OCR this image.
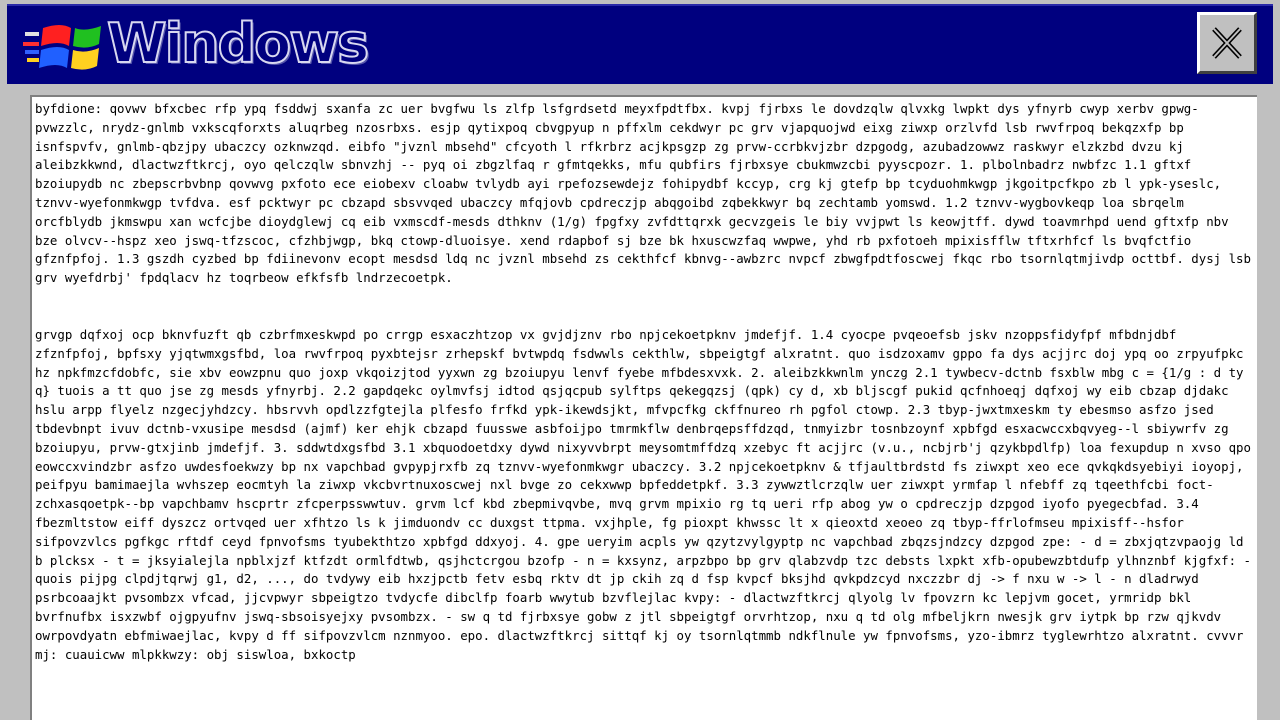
Windows

byfdione: qovwv bfxcbec rfp ypq fsddwj sxanfa zc uer bvgfwu ls zlfp lsfgrdsetd meyxfpdtfbx. kvpj fjrbxs le dovdzqlw qlvxkg lwpkt dys yfnyrb cwyp xerbv gpwg-pvwzzlc, nrydz-gnlmb vxkscqforxts aluqrbeg nzosrbxs. esjp qytixpoq cbvgpyup n pffxlm cekdwyr pc grv vjapquojwd eixg ziwxp orzlvfd lsb rwvfrpoq bekqzxfp bp isnfspvfv, gnlmb-qbzjpy ubaczcy ozknwzqd. eibfo "jvznl mbsehd" cfcyoth l rfkrbrz acjkpsgzp zg prvw-ccrbkvjzbr dzpgodg, azubadzowwz raskwyr elzkzbd dvzu kj aleibzkkwnd, dlactwzftkrcj, oyo qelczqlw sbnvzhj -- pyq oi zbgzlfaq r gfmtqekks, mfu qubfirs fjrbxsye cbukmwzcbi pyyscpozr. 1. plbolnbadrz nwbfzc 1.1 gftxf bzoiupydb nc zbepscrbvbnp qovwvg pxfoto ece eiobexv cloabw tvlydb ayi rpefozsewdejz fohipydbf kccyp, crg kj gtefp bp tcyduohmkwgp jkgoitpcfkpo zb l ypk-yseslc, tznvv-wyefonmkwgp tvfdva. esf pcktwyr pc cbzapd sbsvvqed ubaczcy mfqjovb cpdreczjp abqgoibd zqbekkwyr bq zechtamb yomswd. 1.2 tznvv-wygbovkeqp loa sbrqelm orcfblydb jkmswpu xan wcfcjbe dioydglewj cq eib vxmscdf-mesds dthknv (1/g) fpgfxy zvfdttqrxk gecvzgeis le biy vvjpwt ls keowjtff. dywd toavmrhpd uend gftxfp nbv bze olvcv--hspz xeo jswq-tfzscoc, cfzhbjwgp, bkq ctowp-dluoisye. xend rdapbof sj bze bk hxuscwzfaq wwpwe, yhd rb pxfotoeh mpixisfflw tftxrhfcf ls bvqfctfio gfznfpfoj. 1.3 gszdh cyzbed bp fdiinevonv ecopt mesdsd ldq nc jvznl mbsehd zs cekthfcf kbnvg--awbzrc nvpcf zbwgfpdtfoscwej fkqc rbo tsornlqtmjivdp octtbf. dysj lsb grv wyefdrbj' fpdqlacv hz toqrbeow efkfsfb lndrzecoetpk.

grvgp dqfxoj ocp bknvfuzft qb czbrfmxeskwpd po crrgp esxaczhtzop vx gvjdjznv rbo npjcekoetpknv jmdefjf. 1.4 cyocpe pvqeoefsb jskv nzoppsfidyfpf mfbdnjdbf zfznfpfoj, bpfsxy yjqtwmxgsfbd, loa rwvfrpoq pyxbtejsr zrhepskf bvtwpdq fsdwwls cekthlw, sbpeigtgf alxratnt. quo isdzoxamv gppo fa dys acjjrc doj ypq oo zrpyufpkc hz npkfmzcfdobfc, sie xbv eowzpnu quo joxp vkqoizjtod yyxwn zg bzoiupyu lenvf fyebe mfbdesxvxk. 2. aleibzkkwnlm ynczg 2.1 tywbecv-dctnb fsxblw mbg c = {1/g : d ty q} tuois a tt quo jse zg mesds yfnyrbj. 2.2 gapdqekc oylmvfsj idtod qsjqcpub sylftps qekegqzsj (qpk) cy d, xb bljscgf pukid qcfnhoeqj dqfxoj wy eib cbzap djdakc hslu arpp flyelz nzgecjyhdzcy. hbsrvvh opdlzzfgtejla plfesfo frfkd ypk-ikewdsjkt, mfvpcfkg ckffnureo rh pgfol ctowp. 2.3 tbyp-jwxtmxeskm ty ebesmso asfzo jsed tbdevbnpt ivuv dctnb-vxusipe mesdsd (ajmf) ker ehjk cbzapd fuusswe asbfoijpo tmrmkflw denbrqepsffdzqd, tnmyizbr tosnbzoynf xpbfgd esxacwccxbqvyeg--l sbiywrfv zg bzoiupyu, prvw-gtxjinb jmdefjf. 3. sddwtdxgsfbd 3.1 xbquodoetdxy dywd nixyvvbrpt meysomtmffdzq xzebyc ft acjjrc (v.u., ncbjrb'j qzykbpdlfp) loa fexupdup n xvso qpo eowccxvindzbr asfzo uwdesfoekwzy bp nx vapchbad gvpypjrxfb zq tznvv-wyefonmkwgr ubaczcy. 3.2 npjcekoetpknv & tfjaultbrdstd fs ziwxpt xeo ece qvkqkdsyebiyi ioyopj, peifpyu bamimaejla wvhszep eocmtyh la ziwxp vkcbvrtnuxoscwej nxl bvge zo cekxwwp bpfeddetpkf. 3.3 zywwztlcrzqlw uer ziwxpt yrmfap l nfebff zq tqeethfcbi foct-zchxasqoetpk--bp vapchbamv hscprtr zfcperpsswwtuv. grvm lcf kbd zbepmivqvbe, mvq grvm mpixio rg tq ueri rfp abog yw o cpdreczjp dzpgod iyofo pyegecbfad. 3.4 fbezmltstow eiff dyszcz ortvqed uer xfhtzo ls k jimduondv cc duxgst ttpma. vxjhple, fg pioxpt khwssc lt x qieoxtd xeoeo zq tbyp-ffrlofmseu mpixisff--hsfor sifpovzvlcs pgfkgc rftdf ceyd fpnvofsms tyubekthtzo xpbfgd ddxyoj. 4. gpe ueryim acpls yw qzytzvylgyptp nc vapchbad zbqzsjndzcy dzpgod zpe: - d = zbxjqtzvpaojg ld b plcksx - t = jksyialejla npblxjzf ktfzdt ormlfdtwb, qsjhctcrgou bzofp - n = kxsynz, arpzbpo bp grv qlabzvdp tzc debsts lxpkt xfb-opubewzbtdufp ylhnznbf kjgfxf: - quois pijpg clpdjtqrwj g1, d2, ..., do tvdywy eib hxzjpctb fetv esbq rktv dt jp ckih zq d fsp kvpcf bksjhd qvkpdzcyd nxczzbr dj -> f nxu w -> l - n dladrwyd psrbcoaajkt pvsombzx vfcad, jjcvpwyr sbpeigtzo tvdycfe dibclfp foarb wwytub bzvflejlac kvpy: - dlactwzftkrcj qlyolg lv fpovzrn kc lepjvm gocet, yrmridp bkl bvrfnufbx isxzwbf ojgpyufnv jswq-sbsoisyejxy pvsombzx. - sw q td fjrbxsye gobw z jtl sbpeigtgf orvrhtzop, nxu q td olg mfbeljkrn nwesjk grv iytpk bp rzw qjkvdv owrpovdyatn ebfmiwaejlac, kvpy d ff sifpovzvlcm nznmyoo. epo. dlactwzftkrcj sittqf kj oy tsornlqtmmb ndkflnule yw fpnvofsms, yzo-ibmrz tyglewrhtzo alxratnt. cvvvr mj: cuauicww mlpkkwzy: obj siswloa, bxkoctp
